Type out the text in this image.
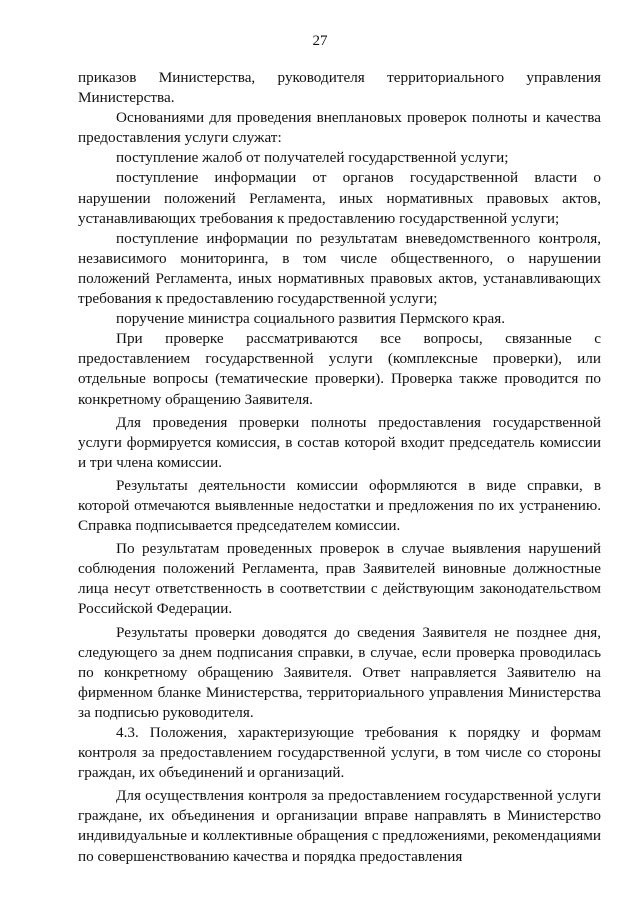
27

приказов Министерства, руководителя территориального управления Министерства.

Основаниями для проведения внеплановых проверок полноты и качества предоставления услуги служат:

поступление жалоб от получателей государственной услуги;

поступление информации от органов государственной власти о нарушении положений Регламента, иных нормативных правовых актов, устанавливающих требования к предоставлению государственной услуги;

поступление информации по результатам вневедомственного контроля, независимого мониторинга, в том числе общественного, о нарушении положений Регламента, иных нормативных правовых актов, устанавливающих требования к предоставлению государственной услуги;

поручение министра социального развития Пермского края.

При проверке рассматриваются все вопросы, связанные с предоставлением государственной услуги (комплексные проверки), или отдельные вопросы (тематические проверки). Проверка также проводится по конкретному обращению Заявителя.

Для проведения проверки полноты предоставления государственной услуги формируется комиссия, в состав которой входит председатель комиссии и три члена комиссии.

Результаты деятельности комиссии оформляются в виде справки, в которой отмечаются выявленные недостатки и предложения по их устранению. Справка подписывается председателем комиссии.

По результатам проведенных проверок в случае выявления нарушений соблюдения положений Регламента, прав Заявителей виновные должностные лица несут ответственность в соответствии с действующим законодательством Российской Федерации.

Результаты проверки доводятся до сведения Заявителя не позднее дня, следующего за днем подписания справки, в случае, если проверка проводилась по конкретному обращению Заявителя. Ответ направляется Заявителю на фирменном бланке Министерства, территориального управления Министерства за подписью руководителя.

4.3. Положения, характеризующие требования к порядку и формам контроля за предоставлением государственной услуги, в том числе со стороны граждан, их объединений и организаций.

Для осуществления контроля за предоставлением государственной услуги граждане, их объединения и организации вправе направлять в Министерство индивидуальные и коллективные обращения с предложениями, рекомендациями по совершенствованию качества и порядка предоставления
